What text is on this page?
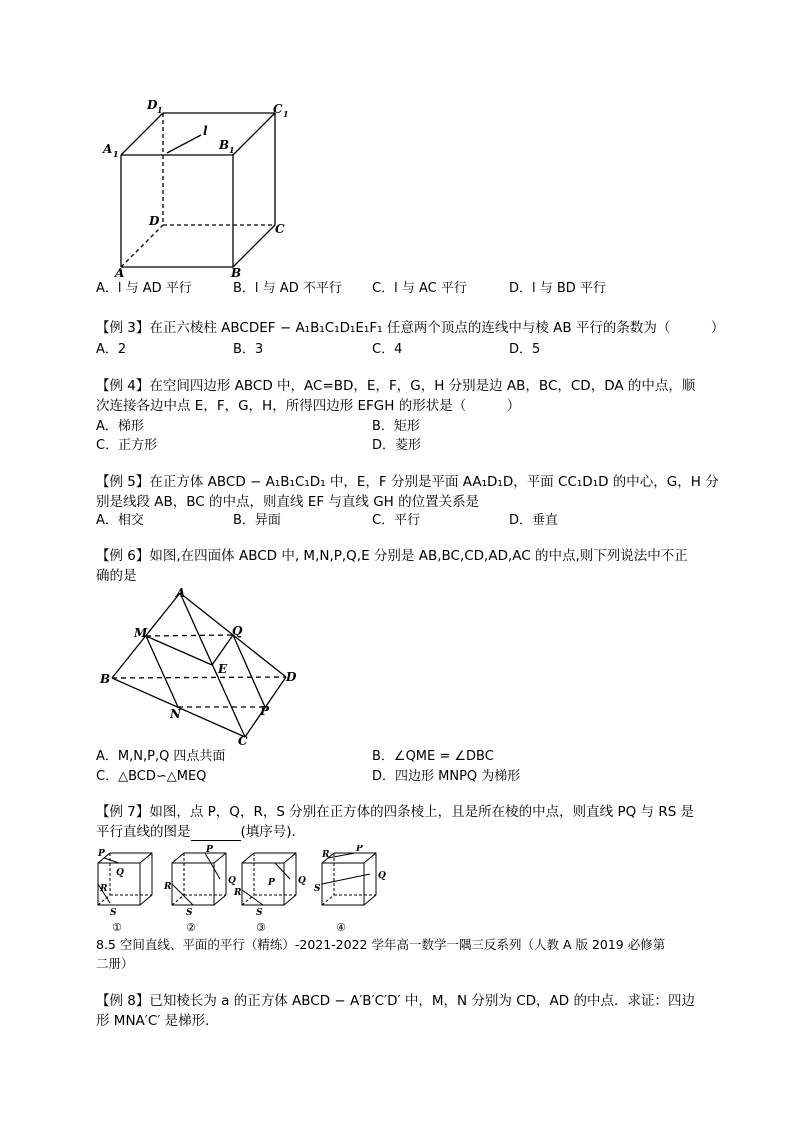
D 1	C 1
A 1
B 1
l
D
C
A	B
A．l 与 AD 平行	B．l 与 AD 不平行 C．l 与 AC 平行	D．l 与 BD 平行
【例 3】在正六棱柱 ABCDEF − A₁B₁C₁D₁E₁F₁ 任意两个顶点的连线中与棱 AB 平行的条数为（　　　）
A．2	B．3	C．4	D．5
【例 4】在空间四边形 ABCD 中，AC=BD，E，F，G，H 分别是边 AB，BC，CD，DA 的中点，顺
次连接各边中点 E，F，G，H，所得四边形 EFGH 的形状是（　　　）
A．梯形	B．矩形
C．正方形	D．菱形
【例 5】在正方体 ABCD − A₁B₁C₁D₁ 中，E，F 分别是平面 AA₁D₁D，平面 CC₁D₁D 的中心，G，H 分
别是线段 AB，BC 的中点，则直线 EF 与直线 GH 的位置关系是
A．相交	B．异面	C．平行	D．垂直
【例 6】如图,在四面体 ABCD 中, M,N,P,Q,E 分别是 AB,BC,CD,AD,AC 的中点,则下列说法中不正
确的是
A
M	Q
E
B	D
N	P
C
A．M,N,P,Q 四点共面	B．∠QME = ∠DBC
C．△BCD∽△MEQ	D．四边形 MNPQ 为梯形
【例 7】如图，点 P，Q，R，S 分别在正方体的四条棱上，且是所在棱的中点，则直线 PQ 与 RS 是
平行直线的图是	(填序号).
P
Q
R
S
P
Q
R
S
P	Q
R
S
P
Q
R
S
①	②	③	④
8.5 空间直线、平面的平行（精练）-2021-2022 学年高一数学一隅三反系列（人教 A 版 2019 必修第
二册）
【例 8】已知棱长为 a 的正方体 ABCD − A′B′C′D′ 中，M，N 分别为 CD，AD 的中点．求证：四边
形 MNA′C′ 是梯形．
